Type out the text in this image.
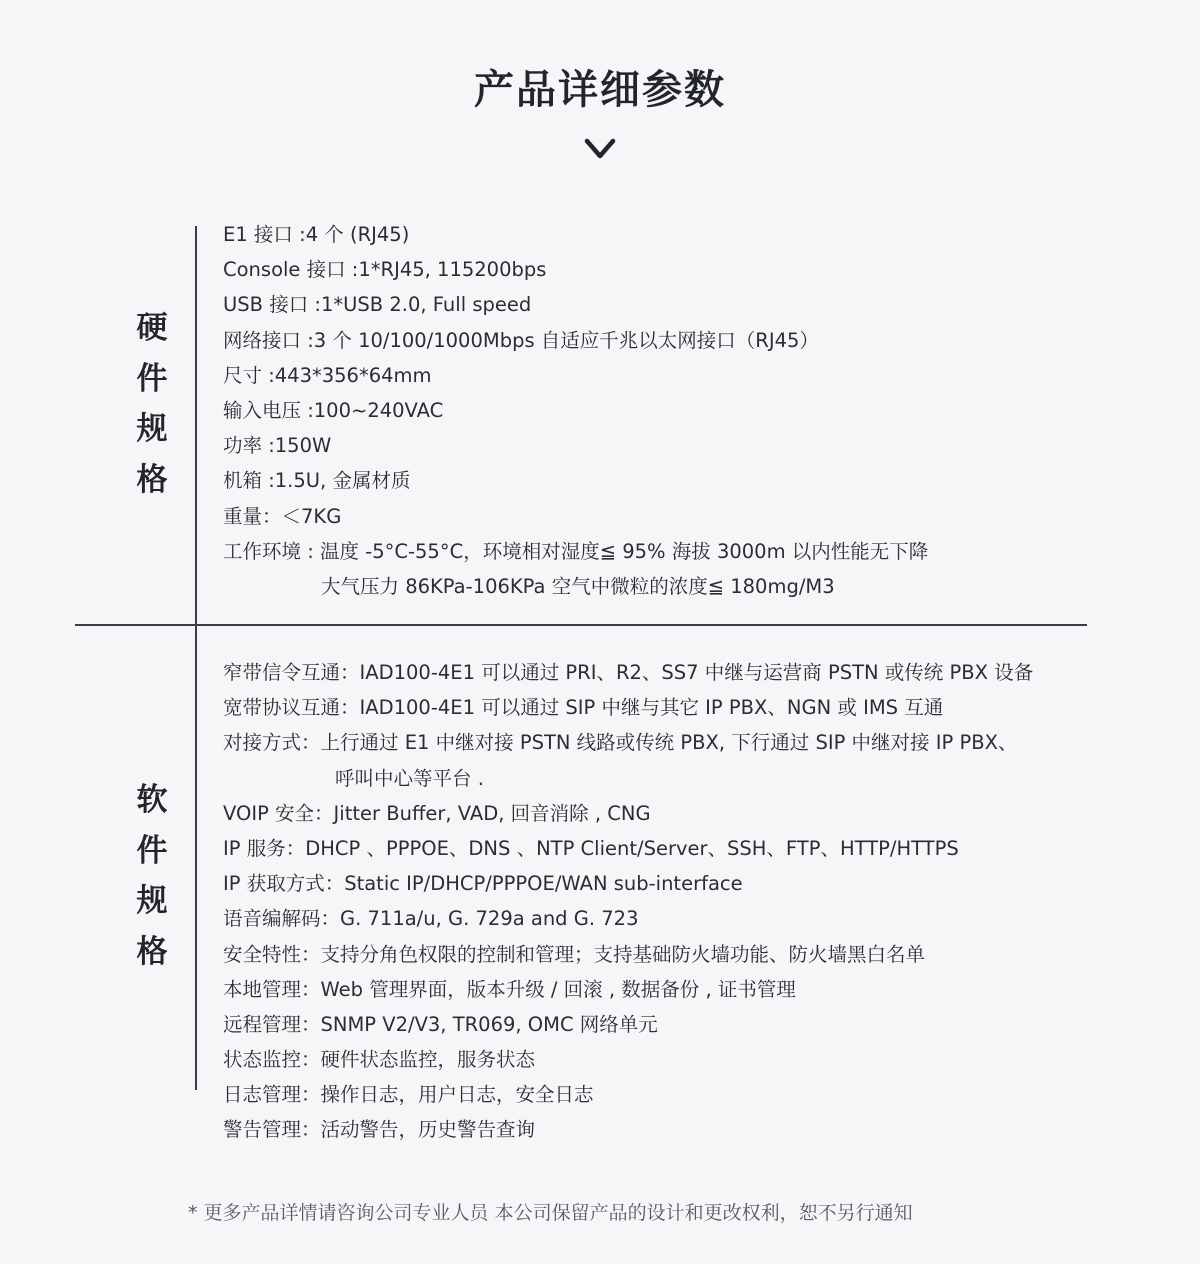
产品详细参数
硬
件
规
格
E1 接口 :4 个 (RJ45)
Console 接口 :1*RJ45, 115200bps
USB 接口 :1*USB 2.0, Full speed
网络接口 :3 个 10/100/1000Mbps 自适应千兆以太网接口（RJ45）
尺寸 :443*356*64mm
输入电压 :100~240VAC
功率 :150W
机箱 :1.5U, 金属材质
重量：＜7KG
工作环境 : 温度 -5°C-55°C，环境相对湿度≦ 95% 海拔 3000m 以内性能无下降
大气压力 86KPa-106KPa 空气中微粒的浓度≦ 180mg/M3
软
件
规
格
窄带信令互通：IAD100-4E1 可以通过 PRI、R2、SS7 中继与运营商 PSTN 或传统 PBX 设备
宽带协议互通：IAD100-4E1 可以通过 SIP 中继与其它 IP PBX、NGN 或 IMS 互通
对接方式：上行通过 E1 中继对接 PSTN 线路或传统 PBX, 下行通过 SIP 中继对接 IP PBX、
呼叫中心等平台 .
VOIP 安全：Jitter Buffer, VAD, 回音消除 , CNG
IP 服务：DHCP 、PPPOE、DNS 、NTP Client/Server、SSH、FTP、HTTP/HTTPS
IP 获取方式：Static IP/DHCP/PPPOE/WAN sub-interface
语音编解码：G. 711a/u, G. 729a and G. 723
安全特性：支持分角色权限的控制和管理；支持基础防火墙功能、防火墙黑白名单
本地管理：Web 管理界面，版本升级 / 回滚 , 数据备份 , 证书管理
远程管理：SNMP V2/V3, TR069, OMC 网络单元
状态监控：硬件状态监控，服务状态
日志管理：操作日志，用户日志，安全日志
警告管理：活动警告，历史警告查询
* 更多产品详情请咨询公司专业人员 本公司保留产品的设计和更改权利，恕不另行通知
